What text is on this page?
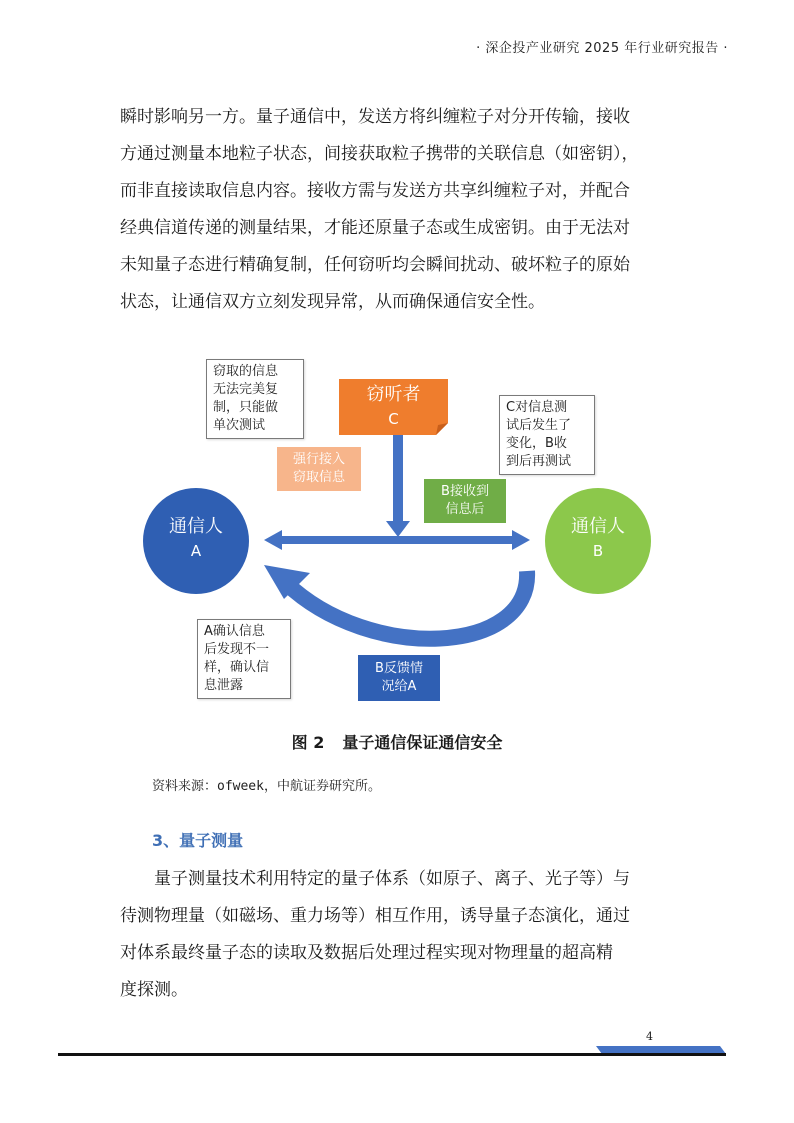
· 深企投产业研究 2025 年行业研究报告 ·

瞬时影响另一方。量子通信中，发送方将纠缠粒子对分开传输，接收
方通过测量本地粒子状态，间接获取粒子携带的关联信息（如密钥），
而非直接读取信息内容。接收方需与发送方共享纠缠粒子对，并配合
经典信道传递的测量结果，才能还原量子态或生成密钥。由于无法对
未知量子态进行精确复制，任何窃听均会瞬间扰动、破坏粒子的原始
状态，让通信双方立刻发现异常，从而确保通信安全性。

通信人
A
通信人
B
窃听者
C
窃取的信息
无法完美复
制，只能做
单次测试
C对信息测
试后发生了
变化，B收
到后再测试
A确认信息
后发现不一
样，确认信
息泄露
强行接入
窃取信息
B接收到
信息后
B反馈情
况给A
图 2 量子通信保证通信安全
资料来源：ofweek，中航证券研究所。
3、量子测量

　　量子测量技术利用特定的量子体系（如原子、离子、光子等）与
待测物理量（如磁场、重力场等）相互作用，诱导量子态演化，通过
对体系最终量子态的读取及数据后处理过程实现对物理量的超高精
度探测。

4
